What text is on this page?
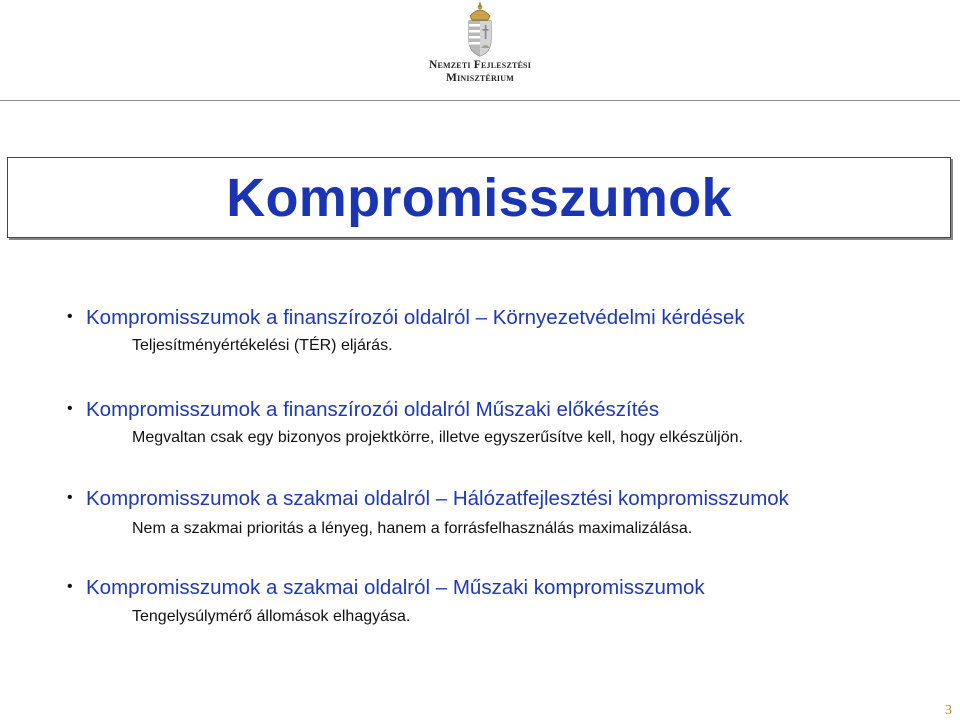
Nemzeti Fejlesztési
Minisztérium
Kompromisszumok
• Kompromisszumok a finanszírozói oldalról – Környezetvédelmi kérdések
Teljesítményértékelési (TÉR) eljárás.
• Kompromisszumok a finanszírozói oldalról Műszaki előkészítés
Megvaltan csak egy bizonyos projektkörre, illetve egyszerűsítve kell, hogy elkészüljön.
• Kompromisszumok a szakmai oldalról – Hálózatfejlesztési kompromisszumok
Nem a szakmai prioritás a lényeg, hanem a forrásfelhasználás maximalizálása.
• Kompromisszumok a szakmai oldalról – Műszaki kompromisszumok
Tengelysúlymérő állomások elhagyása.
3
